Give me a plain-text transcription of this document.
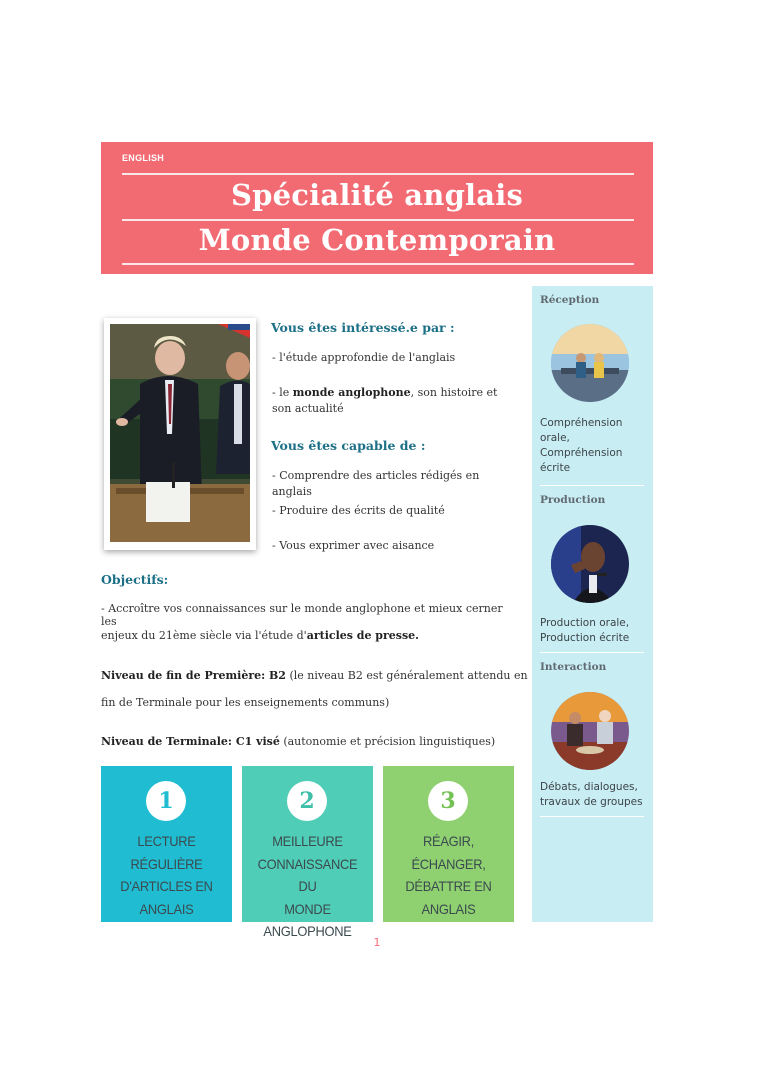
ENGLISH
Spécialité anglais
Monde Contemporain
Vous êtes intéressé.e par :
- l'étude approfondie de l'anglais
- le monde anglophone, son histoire et son actualité
Vous êtes capable de :
- Comprendre des articles rédigés en anglais
- Produire des écrits de qualité
- Vous exprimer avec aisance
Objectifs:
- Accroître vos connaissances sur le monde anglophone et mieux cerner les
enjeux du 21ème siècle via l'étude d'articles de presse.
Niveau de fin de Première: B2 (le niveau B2 est généralement attendu en
fin de Terminale pour les enseignements communs)
Niveau de Terminale: C1 visé (autonomie et précision linguistiques)
1
LECTURE RÉGULIÈRE
D'ARTICLES EN
ANGLAIS
2
MEILLEURE
CONNAISSANCE DU
MONDE
ANGLOPHONE
3
RÉAGIR, ÉCHANGER,
DÉBATTRE EN
ANGLAIS
Réception
Compréhension
orale,
Compréhension
écrite
Production
Production orale,
Production écrite
Interaction
Débats, dialogues,
travaux de groupes
1
